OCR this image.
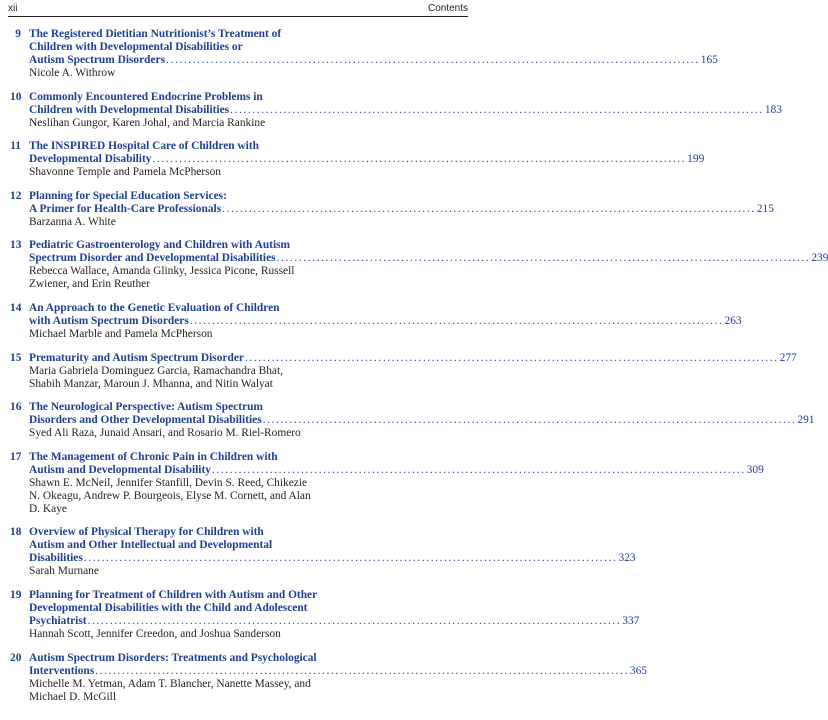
xii	Contents
9 The Registered Dietitian Nutritionist’s Treatment of
Children with Developmental Disabilities or
Autism Spectrum Disorders ........................................................................................................................ 165
Nicole A. Withrow
10 Commonly Encountered Endocrine Problems in
Children with Developmental Disabilities ........................................................................................................................ 183
Neslihan Gungor, Karen Johal, and Marcia Rankine
11 The INSPIRED Hospital Care of Children with
Developmental Disability ........................................................................................................................ 199
Shavonne Temple and Pamela McPherson
12 Planning for Special Education Services:
A Primer for Health-Care Professionals ........................................................................................................................ 215
Barzanna A. White
13 Pediatric Gastroenterology and Children with Autism
Spectrum Disorder and Developmental Disabilities ........................................................................................................................ 239
Rebecca Wallace, Amanda Glinky, Jessica Picone, Russell
Zwiener, and Erin Reuther
14 An Approach to the Genetic Evaluation of Children
with Autism Spectrum Disorders ........................................................................................................................ 263
Michael Marble and Pamela McPherson
15 Prematurity and Autism Spectrum Disorder ........................................................................................................................ 277
Maria Gabriela Dominguez Garcia, Ramachandra Bhat,
Shabih Manzar, Maroun J. Mhanna, and Nitin Walyat
16 The Neurological Perspective: Autism Spectrum
Disorders and Other Developmental Disabilities ........................................................................................................................ 291
Syed Ali Raza, Junaid Ansari, and Rosario M. Riel-Romero
17 The Management of Chronic Pain in Children with
Autism and Developmental Disability ........................................................................................................................ 309
Shawn E. McNeil, Jennifer Stanfill, Devin S. Reed, Chikezie
N. Okeagu, Andrew P. Bourgeois, Elyse M. Cornett, and Alan
D. Kaye
18 Overview of Physical Therapy for Children with
Autism and Other Intellectual and Developmental
Disabilities ........................................................................................................................ 323
Sarah Murnane
19 Planning for Treatment of Children with Autism and Other
Developmental Disabilities with the Child and Adolescent
Psychiatrist ........................................................................................................................ 337
Hannah Scott, Jennifer Creedon, and Joshua Sanderson
20 Autism Spectrum Disorders: Treatments and Psychological
Interventions ........................................................................................................................ 365
Michelle M. Yetman, Adam T. Blancher, Nanette Massey, and
Michael D. McGill
